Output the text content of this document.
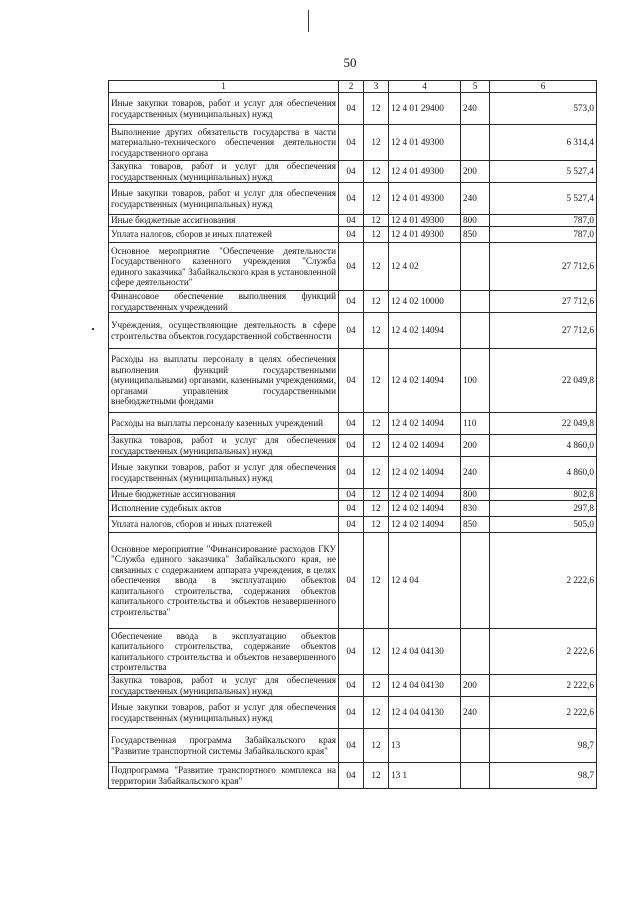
50
1	2	3	4	5	6
Иные закупки товаров, работ и услуг для обеспечения государственных (муниципальных) нужд	04	12	12 4 01 29400	240	573,0
Выполнение других обязательств государства в части материально-технического обеспечения деятельности государственного органа	04	12	12 4 01 49300		6 314,4
Закупка товаров, работ и услуг для обеспечения государственных (муниципальных) нужд	04	12	12 4 01 49300	200	5 527,4
Иные закупки товаров, работ и услуг для обеспечения государственных (муниципальных) нужд	04	12	12 4 01 49300	240	5 527,4
Иные бюджетные ассигнования	04	12	12 4 01 49300	800	787,0
Уплата налогов, сборов и иных платежей	04	12	12 4 01 49300	850	787,0
Основное мероприятие "Обеспечение деятельности Государственного казенного учреждения "Служба единого заказчика" Забайкальского края в установленной сфере деятельности"	04	12	12 4 02		27 712,6
Финансовое обеспечение выполнения функций государственных учреждений	04	12	12 4 02 10000		27 712,6
Учреждения, осуществляющие деятельность в сфере строительства объектов государственной собственности	04	12	12 4 02 14094		27 712,6
Расходы на выплаты персоналу в целях обеспечения выполнения функций государственными (муниципальными) органами, казенными учреждениями, органами управления государственными внебюджетными фондами	04	12	12 4 02 14094	100	22 049,8
Расходы на выплаты персоналу казенных учреждений	04	12	12 4 02 14094	110	22 049,8
Закупка товаров, работ и услуг для обеспечения государственных (муниципальных) нужд	04	12	12 4 02 14094	200	4 860,0
Иные закупки товаров, работ и услуг для обеспечения государственных (муниципальных) нужд	04	12	12 4 02 14094	240	4 860,0
Иные бюджетные ассигнования	04	12	12 4 02 14094	800	802,8
Исполнение судебных актов	04	12	12 4 02 14094	830	297,8
Уплата налогов, сборов и иных платежей	04	12	12 4 02 14094	850	505,0
Основное мероприятие "Финансирование расходов ГКУ "Служба единого заказчика" Забайкальского края, не связанных с содержанием аппарата учреждения, в целях обеспечения ввода в эксплуатацию объектов капитального строительства, содержания объектов капитального строительства и объектов незавершенного строительства"	04	12	12 4 04		2 222,6
Обеспечение ввода в эксплуатацию объектов капитального строительства, содержание объектов капитального строительства и объектов незавершенного строительства	04	12	12 4 04 04130		2 222,6
Закупка товаров, работ и услуг для обеспечения государственных (муниципальных) нужд	04	12	12 4 04 04130	200	2 222,6
Иные закупки товаров, работ и услуг для обеспечения государственных (муниципальных) нужд	04	12	12 4 04 04130	240	2 222,6
Государственная программа Забайкальского края "Развитие транспортной системы Забайкальского края"	04	12	13		98,7
Подпрограмма "Развитие транспортного комплекса на территории Забайкальского края"	04	12	13 1		98,7
